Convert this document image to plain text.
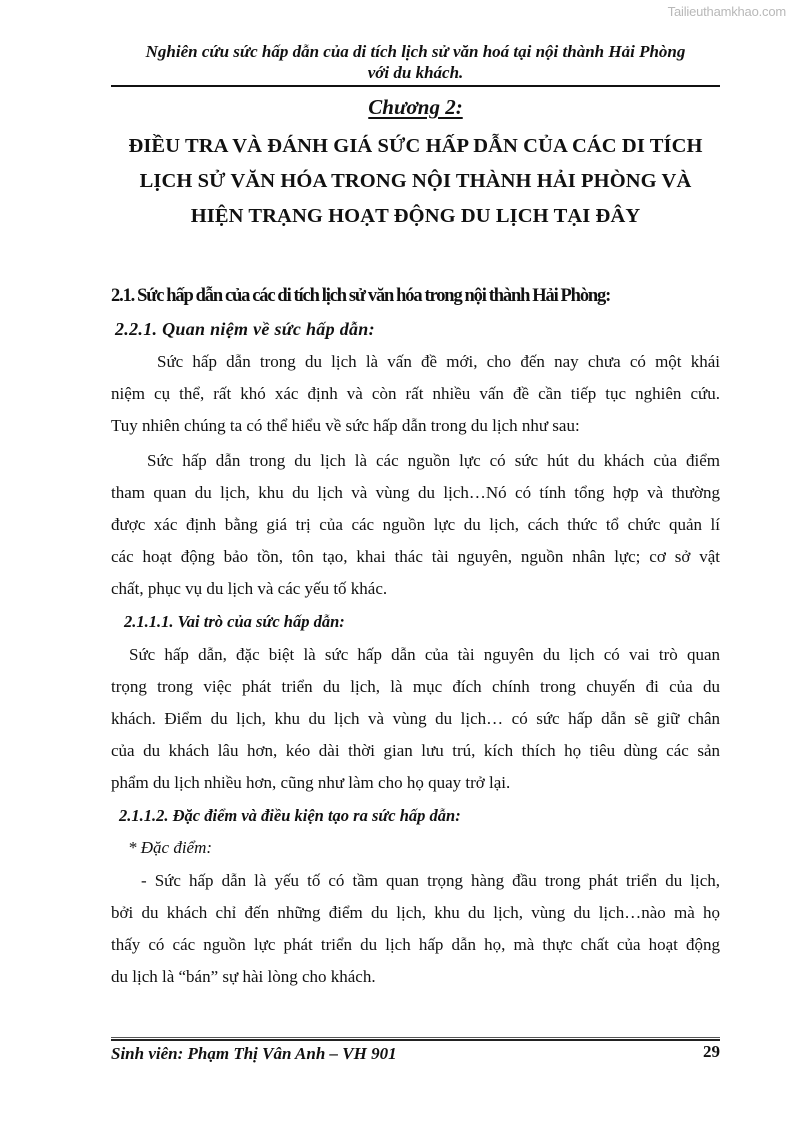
Tailieuthamkhao.com
Nghiên cứu sức hấp dẫn của di tích lịch sử văn hoá tại nội thành Hải Phòng
với du khách.
Chương 2:
ĐIỀU TRA VÀ ĐÁNH GIÁ SỨC HẤP DẪN CỦA CÁC DI TÍCH
LỊCH SỬ VĂN HÓA TRONG NỘI THÀNH HẢI PHÒNG VÀ
HIỆN TRẠNG HOẠT ĐỘNG DU LỊCH TẠI ĐÂY
2.1. Sức hấp dẫn của các di tích lịch sử văn hóa trong nội thành Hải Phòng:
2.2.1. Quan niệm về sức hấp dẫn:
Sức hấp dẫn trong du lịch là vấn đề mới, cho đến nay chưa có một khái
niệm cụ thể, rất khó xác định và còn rất nhiều vấn đề cần tiếp tục nghiên cứu.
Tuy nhiên chúng ta có thể hiểu về sức hấp dẫn trong du lịch như sau:
Sức hấp dẫn trong du lịch là các nguồn lực có sức hút du khách của điểm
tham quan du lịch, khu du lịch và vùng du lịch…Nó có tính tổng hợp và thường
được xác định bằng giá trị của các nguồn lực du lịch, cách thức tổ chức quản lí
các hoạt động bảo tồn, tôn tạo, khai thác tài nguyên, nguồn nhân lực; cơ sở vật
chất, phục vụ du lịch và các yếu tố khác.
2.1.1.1. Vai trò của sức hấp dẫn:
Sức hấp dẫn, đặc biệt là sức hấp dẫn của tài nguyên du lịch có vai trò quan
trọng trong việc phát triển du lịch, là mục đích chính trong chuyến đi của du
khách. Điểm du lịch, khu du lịch và vùng du lịch… có sức hấp dẫn sẽ giữ chân
của du khách lâu hơn, kéo dài thời gian lưu trú, kích thích họ tiêu dùng các sản
phẩm du lịch nhiều hơn, cũng như làm cho họ quay trở lại.
2.1.1.2. Đặc điểm và điều kiện tạo ra sức hấp dẫn:
* Đặc điểm:
- Sức hấp dẫn là yếu tố có tầm quan trọng hàng đầu trong phát triển du lịch,
bởi du khách chỉ đến những điểm du lịch, khu du lịch, vùng du lịch…nào mà họ
thấy có các nguồn lực phát triển du lịch hấp dẫn họ, mà thực chất của hoạt động
du lịch là “bán” sự hài lòng cho khách.
Sinh viên: Phạm Thị Vân Anh – VH 901	29
